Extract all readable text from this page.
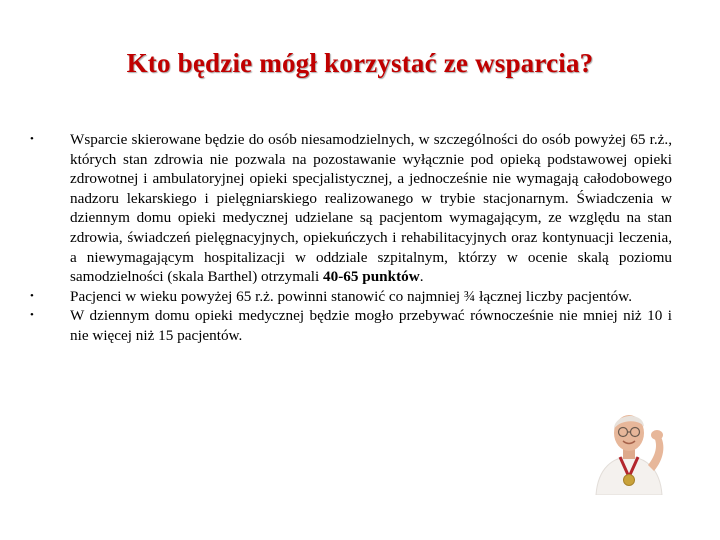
Kto będzie mógł korzystać ze wsparcia?
•	Wsparcie skierowane będzie do osób niesamodzielnych, w szczególności do osób powyżej 65 r.ż., których stan zdrowia nie pozwala na pozostawanie wyłącznie pod opieką podstawowej opieki zdrowotnej i ambulatoryjnej opieki specjalistycznej, a jednocześnie nie wymagają całodobowego nadzoru lekarskiego i pielęgniarskiego realizowanego w trybie stacjonarnym. Świadczenia w dziennym domu opieki medycznej udzielane są pacjentom wymagającym, ze względu na stan zdrowia, świadczeń pielęgnacyjnych, opiekuńczych i rehabilitacyjnych oraz kontynuacji leczenia, a niewymagającym hospitalizacji w oddziale szpitalnym, którzy w ocenie skalą poziomu samodzielności (skala Barthel) otrzymali 40-65 punktów.
•	Pacjenci w wieku powyżej 65 r.ż. powinni stanowić co najmniej ¾ łącznej liczby pacjentów.
•	W dziennym domu opieki medycznej będzie mogło przebywać równocześnie nie mniej niż 10 i nie więcej niż 15 pacjentów.
